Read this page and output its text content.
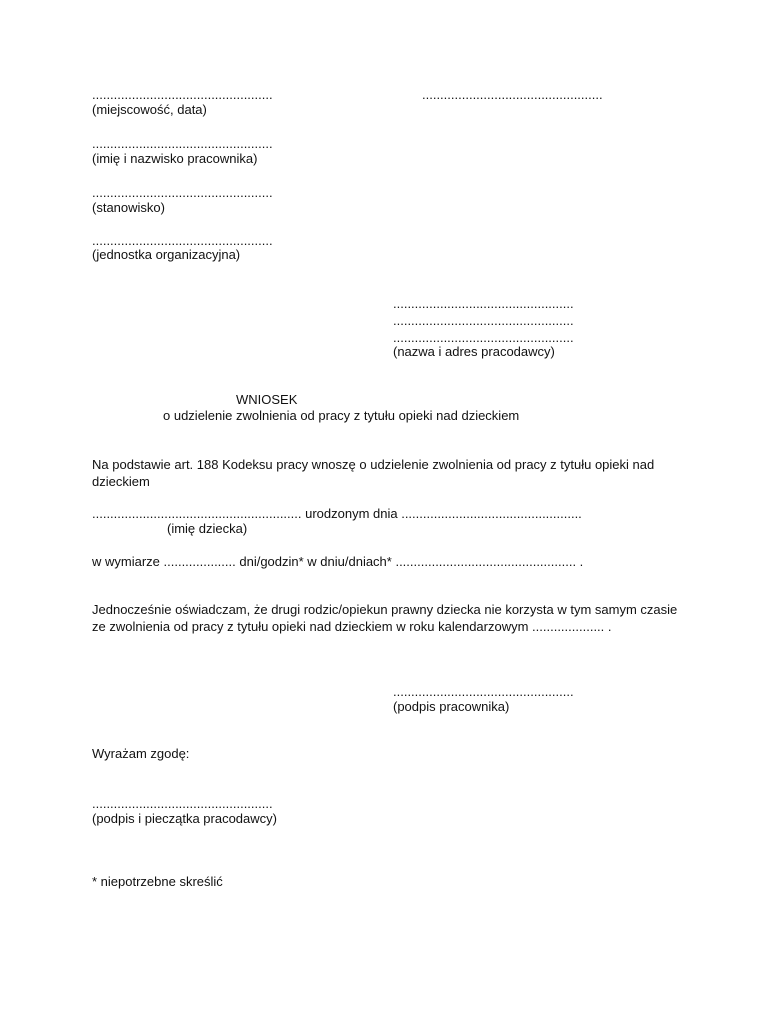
..................................................	..................................................
(miejscowość, data)
..................................................
(imię i nazwisko pracownika)
..................................................
(stanowisko)
..................................................
(jednostka organizacyjna)
..................................................
..................................................
..................................................
(nazwa i adres pracodawcy)
WNIOSEK
o udzielenie zwolnienia od pracy z tytułu opieki nad dzieckiem
Na podstawie art. 188 Kodeksu pracy wnoszę o udzielenie zwolnienia od pracy z tytułu opieki nad dzieckiem
.......................................................... urodzonym dnia ..................................................
(imię dziecka)
w wymiarze .................... dni/godzin* w dniu/dniach* .................................................. .
Jednocześnie oświadczam, że drugi rodzic/opiekun prawny dziecka nie korzysta w tym samym czasie ze zwolnienia od pracy z tytułu opieki nad dzieckiem w roku kalendarzowym .................... .
..................................................
(podpis pracownika)
Wyrażam zgodę:
..................................................
(podpis i pieczątka pracodawcy)
* niepotrzebne skreślić
